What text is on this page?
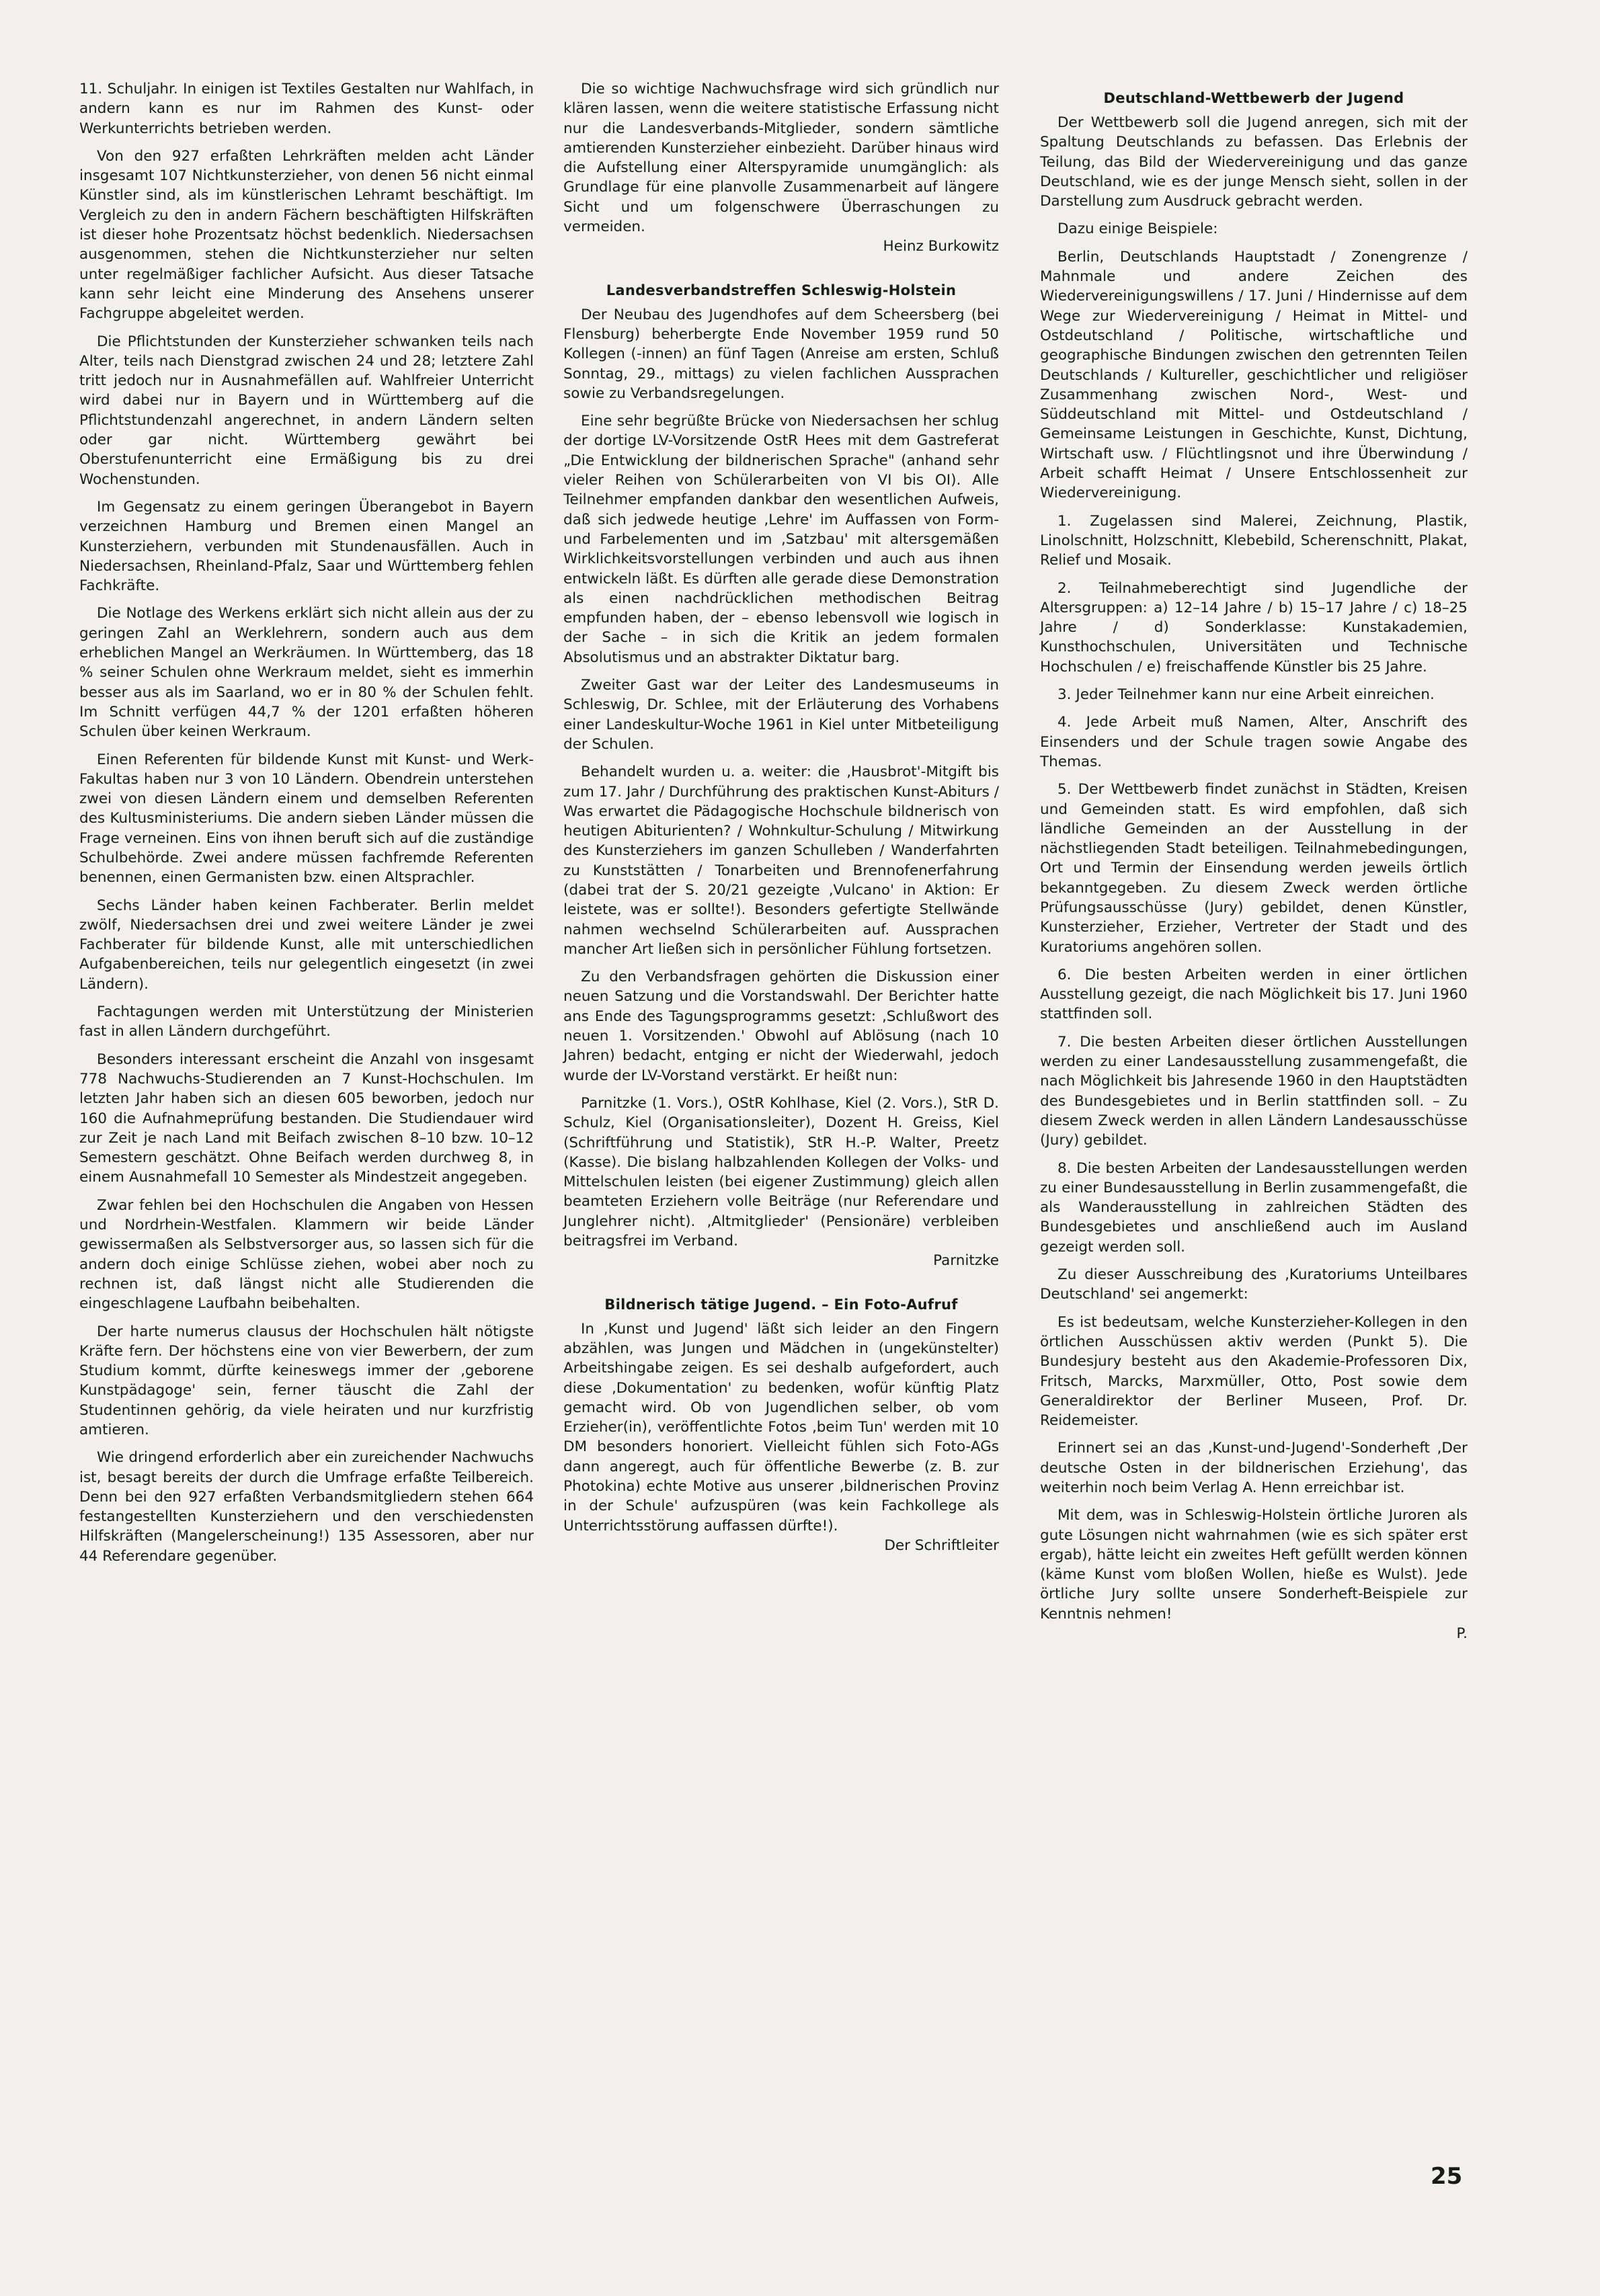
11. Schuljahr. In einigen ist Textiles Gestalten nur Wahlfach, in andern kann es nur im Rahmen des Kunst- oder Werkunterrichts betrieben werden.

Von den 927 erfaßten Lehrkräften melden acht Länder insgesamt 107 Nichtkunsterzieher, von denen 56 nicht einmal Künstler sind, als im künstlerischen Lehramt beschäftigt. Im Vergleich zu den in andern Fächern beschäftigten Hilfskräften ist dieser hohe Prozentsatz höchst bedenklich. Niedersachsen ausgenommen, stehen die Nichtkunsterzieher nur selten unter regelmäßiger fachlicher Aufsicht. Aus dieser Tatsache kann sehr leicht eine Minderung des Ansehens unserer Fachgruppe abgeleitet werden.

Die Pflichtstunden der Kunsterzieher schwanken teils nach Alter, teils nach Dienstgrad zwischen 24 und 28; letztere Zahl tritt jedoch nur in Ausnahmefällen auf. Wahlfreier Unterricht wird dabei nur in Bayern und in Württemberg auf die Pflichtstundenzahl angerechnet, in andern Ländern selten oder gar nicht. Württemberg gewährt bei Oberstufenunterricht eine Ermäßigung bis zu drei Wochenstunden.

Im Gegensatz zu einem geringen Überangebot in Bayern verzeichnen Hamburg und Bremen einen Mangel an Kunsterziehern, verbunden mit Stundenausfällen. Auch in Niedersachsen, Rheinland-Pfalz, Saar und Württemberg fehlen Fachkräfte.

Die Notlage des Werkens erklärt sich nicht allein aus der zu geringen Zahl an Werklehrern, sondern auch aus dem erheblichen Mangel an Werkräumen. In Württemberg, das 18 % seiner Schulen ohne Werkraum meldet, sieht es immerhin besser aus als im Saarland, wo er in 80 % der Schulen fehlt. Im Schnitt verfügen 44,7 % der 1201 erfaßten höheren Schulen über keinen Werkraum.

Einen Referenten für bildende Kunst mit Kunst- und Werk-Fakultas haben nur 3 von 10 Ländern. Obendrein unterstehen zwei von diesen Ländern einem und demselben Referenten des Kultusministeriums. Die andern sieben Länder müssen die Frage verneinen. Eins von ihnen beruft sich auf die zuständige Schulbehörde. Zwei andere müssen fachfremde Referenten benennen, einen Germanisten bzw. einen Altsprachler.

Sechs Länder haben keinen Fachberater. Berlin meldet zwölf, Niedersachsen drei und zwei weitere Länder je zwei Fachberater für bildende Kunst, alle mit unterschiedlichen Aufgabenbereichen, teils nur gelegentlich eingesetzt (in zwei Ländern).

Fachtagungen werden mit Unterstützung der Ministerien fast in allen Ländern durchgeführt.

Besonders interessant erscheint die Anzahl von insgesamt 778 Nachwuchs-Studierenden an 7 Kunst-Hochschulen. Im letzten Jahr haben sich an diesen 605 beworben, jedoch nur 160 die Aufnahmeprüfung bestanden. Die Studiendauer wird zur Zeit je nach Land mit Beifach zwischen 8–10 bzw. 10–12 Semestern geschätzt. Ohne Beifach werden durchweg 8, in einem Ausnahmefall 10 Semester als Mindestzeit angegeben.

Zwar fehlen bei den Hochschulen die Angaben von Hessen und Nordrhein-Westfalen. Klammern wir beide Länder gewissermaßen als Selbstversorger aus, so lassen sich für die andern doch einige Schlüsse ziehen, wobei aber noch zu rechnen ist, daß längst nicht alle Studierenden die eingeschlagene Laufbahn beibehalten.

Der harte numerus clausus der Hochschulen hält nötigste Kräfte fern. Der höchstens eine von vier Bewerbern, der zum Studium kommt, dürfte keineswegs immer der ‚geborene Kunstpädagoge' sein, ferner täuscht die Zahl der Studentinnen gehörig, da viele heiraten und nur kurzfristig amtieren.

Wie dringend erforderlich aber ein zureichender Nachwuchs ist, besagt bereits der durch die Umfrage erfaßte Teilbereich. Denn bei den 927 erfaßten Verbandsmitgliedern stehen 664 festangestellten Kunsterziehern und den verschiedensten Hilfskräften (Mangelerscheinung!) 135 Assessoren, aber nur 44 Referendare gegenüber.

Die so wichtige Nachwuchsfrage wird sich gründlich nur klären lassen, wenn die weitere statistische Erfassung nicht nur die Landesverbands-Mitglieder, sondern sämtliche amtierenden Kunsterzieher einbezieht. Darüber hinaus wird die Aufstellung einer Alterspyramide unumgänglich: als Grundlage für eine planvolle Zusammenarbeit auf längere Sicht und um folgenschwere Überraschungen zu vermeiden.
Heinz Burkowitz

Landesverbandstreffen Schleswig-Holstein

Der Neubau des Jugendhofes auf dem Scheersberg (bei Flensburg) beherbergte Ende November 1959 rund 50 Kollegen (-innen) an fünf Tagen (Anreise am ersten, Schluß Sonntag, 29., mittags) zu vielen fachlichen Aussprachen sowie zu Verbandsregelungen.

Eine sehr begrüßte Brücke von Niedersachsen her schlug der dortige LV-Vorsitzende OstR Hees mit dem Gastreferat „Die Entwicklung der bildnerischen Sprache" (anhand sehr vieler Reihen von Schülerarbeiten von VI bis OI). Alle Teilnehmer empfanden dankbar den wesentlichen Aufweis, daß sich jedwede heutige ‚Lehre' im Auffassen von Form- und Farbelementen und im ‚Satzbau' mit altersgemäßen Wirklichkeitsvorstellungen verbinden und auch aus ihnen entwickeln läßt. Es dürften alle gerade diese Demonstration als einen nachdrücklichen methodischen Beitrag empfunden haben, der – ebenso lebensvoll wie logisch in der Sache – in sich die Kritik an jedem formalen Absolutismus und an abstrakter Diktatur barg.

Zweiter Gast war der Leiter des Landesmuseums in Schleswig, Dr. Schlee, mit der Erläuterung des Vorhabens einer Landeskultur-Woche 1961 in Kiel unter Mitbeteiligung der Schulen.

Behandelt wurden u. a. weiter: die ‚Hausbrot'-Mitgift bis zum 17. Jahr / Durchführung des praktischen Kunst-Abiturs / Was erwartet die Pädagogische Hochschule bildnerisch von heutigen Abiturienten? / Wohnkultur-Schulung / Mitwirkung des Kunsterziehers im ganzen Schulleben / Wanderfahrten zu Kunststätten / Tonarbeiten und Brennofenerfahrung (dabei trat der S. 20/21 gezeigte ‚Vulcano' in Aktion: Er leistete, was er sollte!). Besonders gefertigte Stellwände nahmen wechselnd Schülerarbeiten auf. Aussprachen mancher Art ließen sich in persönlicher Fühlung fortsetzen.

Zu den Verbandsfragen gehörten die Diskussion einer neuen Satzung und die Vorstandswahl. Der Berichter hatte ans Ende des Tagungsprogramms gesetzt: ‚Schlußwort des neuen 1. Vorsitzenden.' Obwohl auf Ablösung (nach 10 Jahren) bedacht, entging er nicht der Wiederwahl, jedoch wurde der LV-Vorstand verstärkt. Er heißt nun:

Parnitzke (1. Vors.), OStR Kohlhase, Kiel (2. Vors.), StR D. Schulz, Kiel (Organisationsleiter), Dozent H. Greiss, Kiel (Schriftführung und Statistik), StR H.-P. Walter, Preetz (Kasse). Die bislang halbzahlenden Kollegen der Volks- und Mittelschulen leisten (bei eigener Zustimmung) gleich allen beamteten Erziehern volle Beiträge (nur Referendare und Junglehrer nicht). ‚Altmitglieder' (Pensionäre) verbleiben beitragsfrei im Verband.
Parnitzke

Bildnerisch tätige Jugend. – Ein Foto-Aufruf

In ‚Kunst und Jugend' läßt sich leider an den Fingern abzählen, was Jungen und Mädchen in (ungekünstelter) Arbeitshingabe zeigen. Es sei deshalb aufgefordert, auch diese ‚Dokumentation' zu bedenken, wofür künftig Platz gemacht wird. Ob von Jugendlichen selber, ob vom Erzieher(in), veröffentlichte Fotos ‚beim Tun' werden mit 10 DM besonders honoriert. Vielleicht fühlen sich Foto-AGs dann angeregt, auch für öffentliche Bewerbe (z. B. zur Photokina) echte Motive aus unserer ‚bildnerischen Provinz in der Schule' aufzuspüren (was kein Fachkollege als Unterrichtsstörung auffassen dürfte!).
Der Schriftleiter

Deutschland-Wettbewerb der Jugend

Der Wettbewerb soll die Jugend anregen, sich mit der Spaltung Deutschlands zu befassen. Das Erlebnis der Teilung, das Bild der Wiedervereinigung und das ganze Deutschland, wie es der junge Mensch sieht, sollen in der Darstellung zum Ausdruck gebracht werden.

Dazu einige Beispiele:

Berlin, Deutschlands Hauptstadt / Zonengrenze / Mahnmale und andere Zeichen des Wiedervereinigungswillens / 17. Juni / Hindernisse auf dem Wege zur Wiedervereinigung / Heimat in Mittel- und Ostdeutschland / Politische, wirtschaftliche und geographische Bindungen zwischen den getrennten Teilen Deutschlands / Kultureller, geschichtlicher und religiöser Zusammenhang zwischen Nord-, West- und Süddeutschland mit Mittel- und Ostdeutschland / Gemeinsame Leistungen in Geschichte, Kunst, Dichtung, Wirtschaft usw. / Flüchtlingsnot und ihre Überwindung / Arbeit schafft Heimat / Unsere Entschlossenheit zur Wiedervereinigung.

1. Zugelassen sind Malerei, Zeichnung, Plastik, Linolschnitt, Holzschnitt, Klebebild, Scherenschnitt, Plakat, Relief und Mosaik.

2. Teilnahmeberechtigt sind Jugendliche der Altersgruppen: a) 12–14 Jahre / b) 15–17 Jahre / c) 18–25 Jahre / d) Sonderklasse: Kunstakademien, Kunsthochschulen, Universitäten und Technische Hochschulen / e) freischaffende Künstler bis 25 Jahre.

3. Jeder Teilnehmer kann nur eine Arbeit einreichen.

4. Jede Arbeit muß Namen, Alter, Anschrift des Einsenders und der Schule tragen sowie Angabe des Themas.

5. Der Wettbewerb findet zunächst in Städten, Kreisen und Gemeinden statt. Es wird empfohlen, daß sich ländliche Gemeinden an der Ausstellung in der nächstliegenden Stadt beteiligen. Teilnahmebedingungen, Ort und Termin der Einsendung werden jeweils örtlich bekanntgegeben. Zu diesem Zweck werden örtliche Prüfungsausschüsse (Jury) gebildet, denen Künstler, Kunsterzieher, Erzieher, Vertreter der Stadt und des Kuratoriums angehören sollen.

6. Die besten Arbeiten werden in einer örtlichen Ausstellung gezeigt, die nach Möglichkeit bis 17. Juni 1960 stattfinden soll.

7. Die besten Arbeiten dieser örtlichen Ausstellungen werden zu einer Landesausstellung zusammengefaßt, die nach Möglichkeit bis Jahresende 1960 in den Hauptstädten des Bundesgebietes und in Berlin stattfinden soll. – Zu diesem Zweck werden in allen Ländern Landesausschüsse (Jury) gebildet.

8. Die besten Arbeiten der Landesausstellungen werden zu einer Bundesausstellung in Berlin zusammengefaßt, die als Wanderausstellung in zahlreichen Städten des Bundesgebietes und anschließend auch im Ausland gezeigt werden soll.

Zu dieser Ausschreibung des ‚Kuratoriums Unteilbares Deutschland' sei angemerkt:

Es ist bedeutsam, welche Kunsterzieher-Kollegen in den örtlichen Ausschüssen aktiv werden (Punkt 5). Die Bundesjury besteht aus den Akademie-Professoren Dix, Fritsch, Marcks, Marxmüller, Otto, Post sowie dem Generaldirektor der Berliner Museen, Prof. Dr. Reidemeister.

Erinnert sei an das ‚Kunst-und-Jugend'-Sonderheft ‚Der deutsche Osten in der bildnerischen Erziehung', das weiterhin noch beim Verlag A. Henn erreichbar ist.

Mit dem, was in Schleswig-Holstein örtliche Juroren als gute Lösungen nicht wahrnahmen (wie es sich später erst ergab), hätte leicht ein zweites Heft gefüllt werden können (käme Kunst vom bloßen Wollen, hieße es Wulst). Jede örtliche Jury sollte unsere Sonderheft-Beispiele zur Kenntnis nehmen!
P.

25
